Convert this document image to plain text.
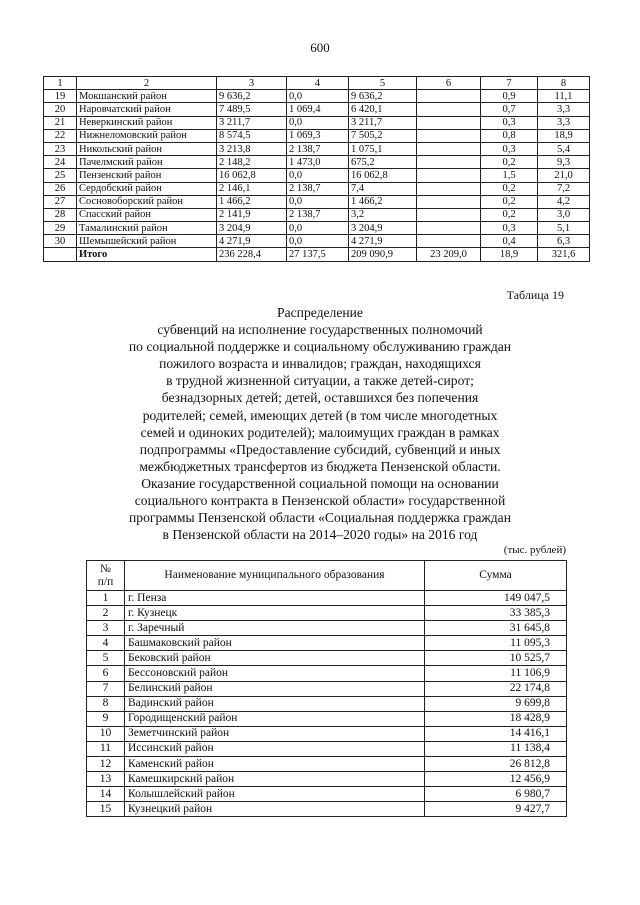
600
1	2	3	4	5	6	7	8
19	Мокшанский район	9 636,2	0,0	9 636,2		0,9	11,1
20	Наровчатский район	7 489,5	1 069,4	6 420,1		0,7	3,3
21	Неверкинский район	3 211,7	0,0	3 211,7		0,3	3,3
22	Нижнеломовский район	8 574,5	1 069,3	7 505,2		0,8	18,9
23	Никольский район	3 213,8	2 138,7	1 075,1		0,3	5,4
24	Пачелмский район	2 148,2	1 473,0	675,2		0,2	9,3
25	Пензенский район	16 062,8	0,0	16 062,8		1,5	21,0
26	Сердобский район	2 146,1	2 138,7	7,4		0,2	7,2
27	Сосновоборский район	1 466,2	0,0	1 466,2		0,2	4,2
28	Спасский район	2 141,9	2 138,7	3,2		0,2	3,0
29	Тамалинский район	3 204,9	0,0	3 204,9		0,3	5,1
30	Шемышейский район	4 271,9	0,0	4 271,9		0,4	6,3
	Итого	236 228,4	27 137,5	209 090,9	23 209,0	18,9	321,6
Таблица 19
Распределение
субвенций на исполнение государственных полномочий
по социальной поддержке и социальному обслуживанию граждан
пожилого возраста и инвалидов; граждан, находящихся
в трудной жизненной ситуации, а также детей-сирот;
безнадзорных детей; детей, оставшихся без попечения
родителей; семей, имеющих детей (в том числе многодетных
семей и одиноких родителей); малоимущих граждан в рамках
подпрограммы «Предоставление субсидий, субвенций и иных
межбюджетных трансфертов из бюджета Пензенской области.
Оказание государственной социальной помощи на основании
социального контракта в Пензенской области» государственной
программы Пензенской области «Социальная поддержка граждан
в Пензенской области на 2014–2020 годы» на 2016 год
(тыс. рублей)
№
п/п	Наименование муниципального образования	Сумма
1	г. Пенза	149 047,5
2	г. Кузнецк	33 385,3
3	г. Заречный	31 645,8
4	Башмаковский район	11 095,3
5	Бековский район	10 525,7
6	Бессоновский район	11 106,9
7	Белинский район	22 174,8
8	Вадинский район	9 699,8
9	Городищенский район	18 428,9
10	Земетчинский район	14 416,1
11	Иссинский район	11 138,4
12	Каменский район	26 812,8
13	Камешкирский район	12 456,9
14	Колышлейский район	6 980,7
15	Кузнецкий район	9 427,7
